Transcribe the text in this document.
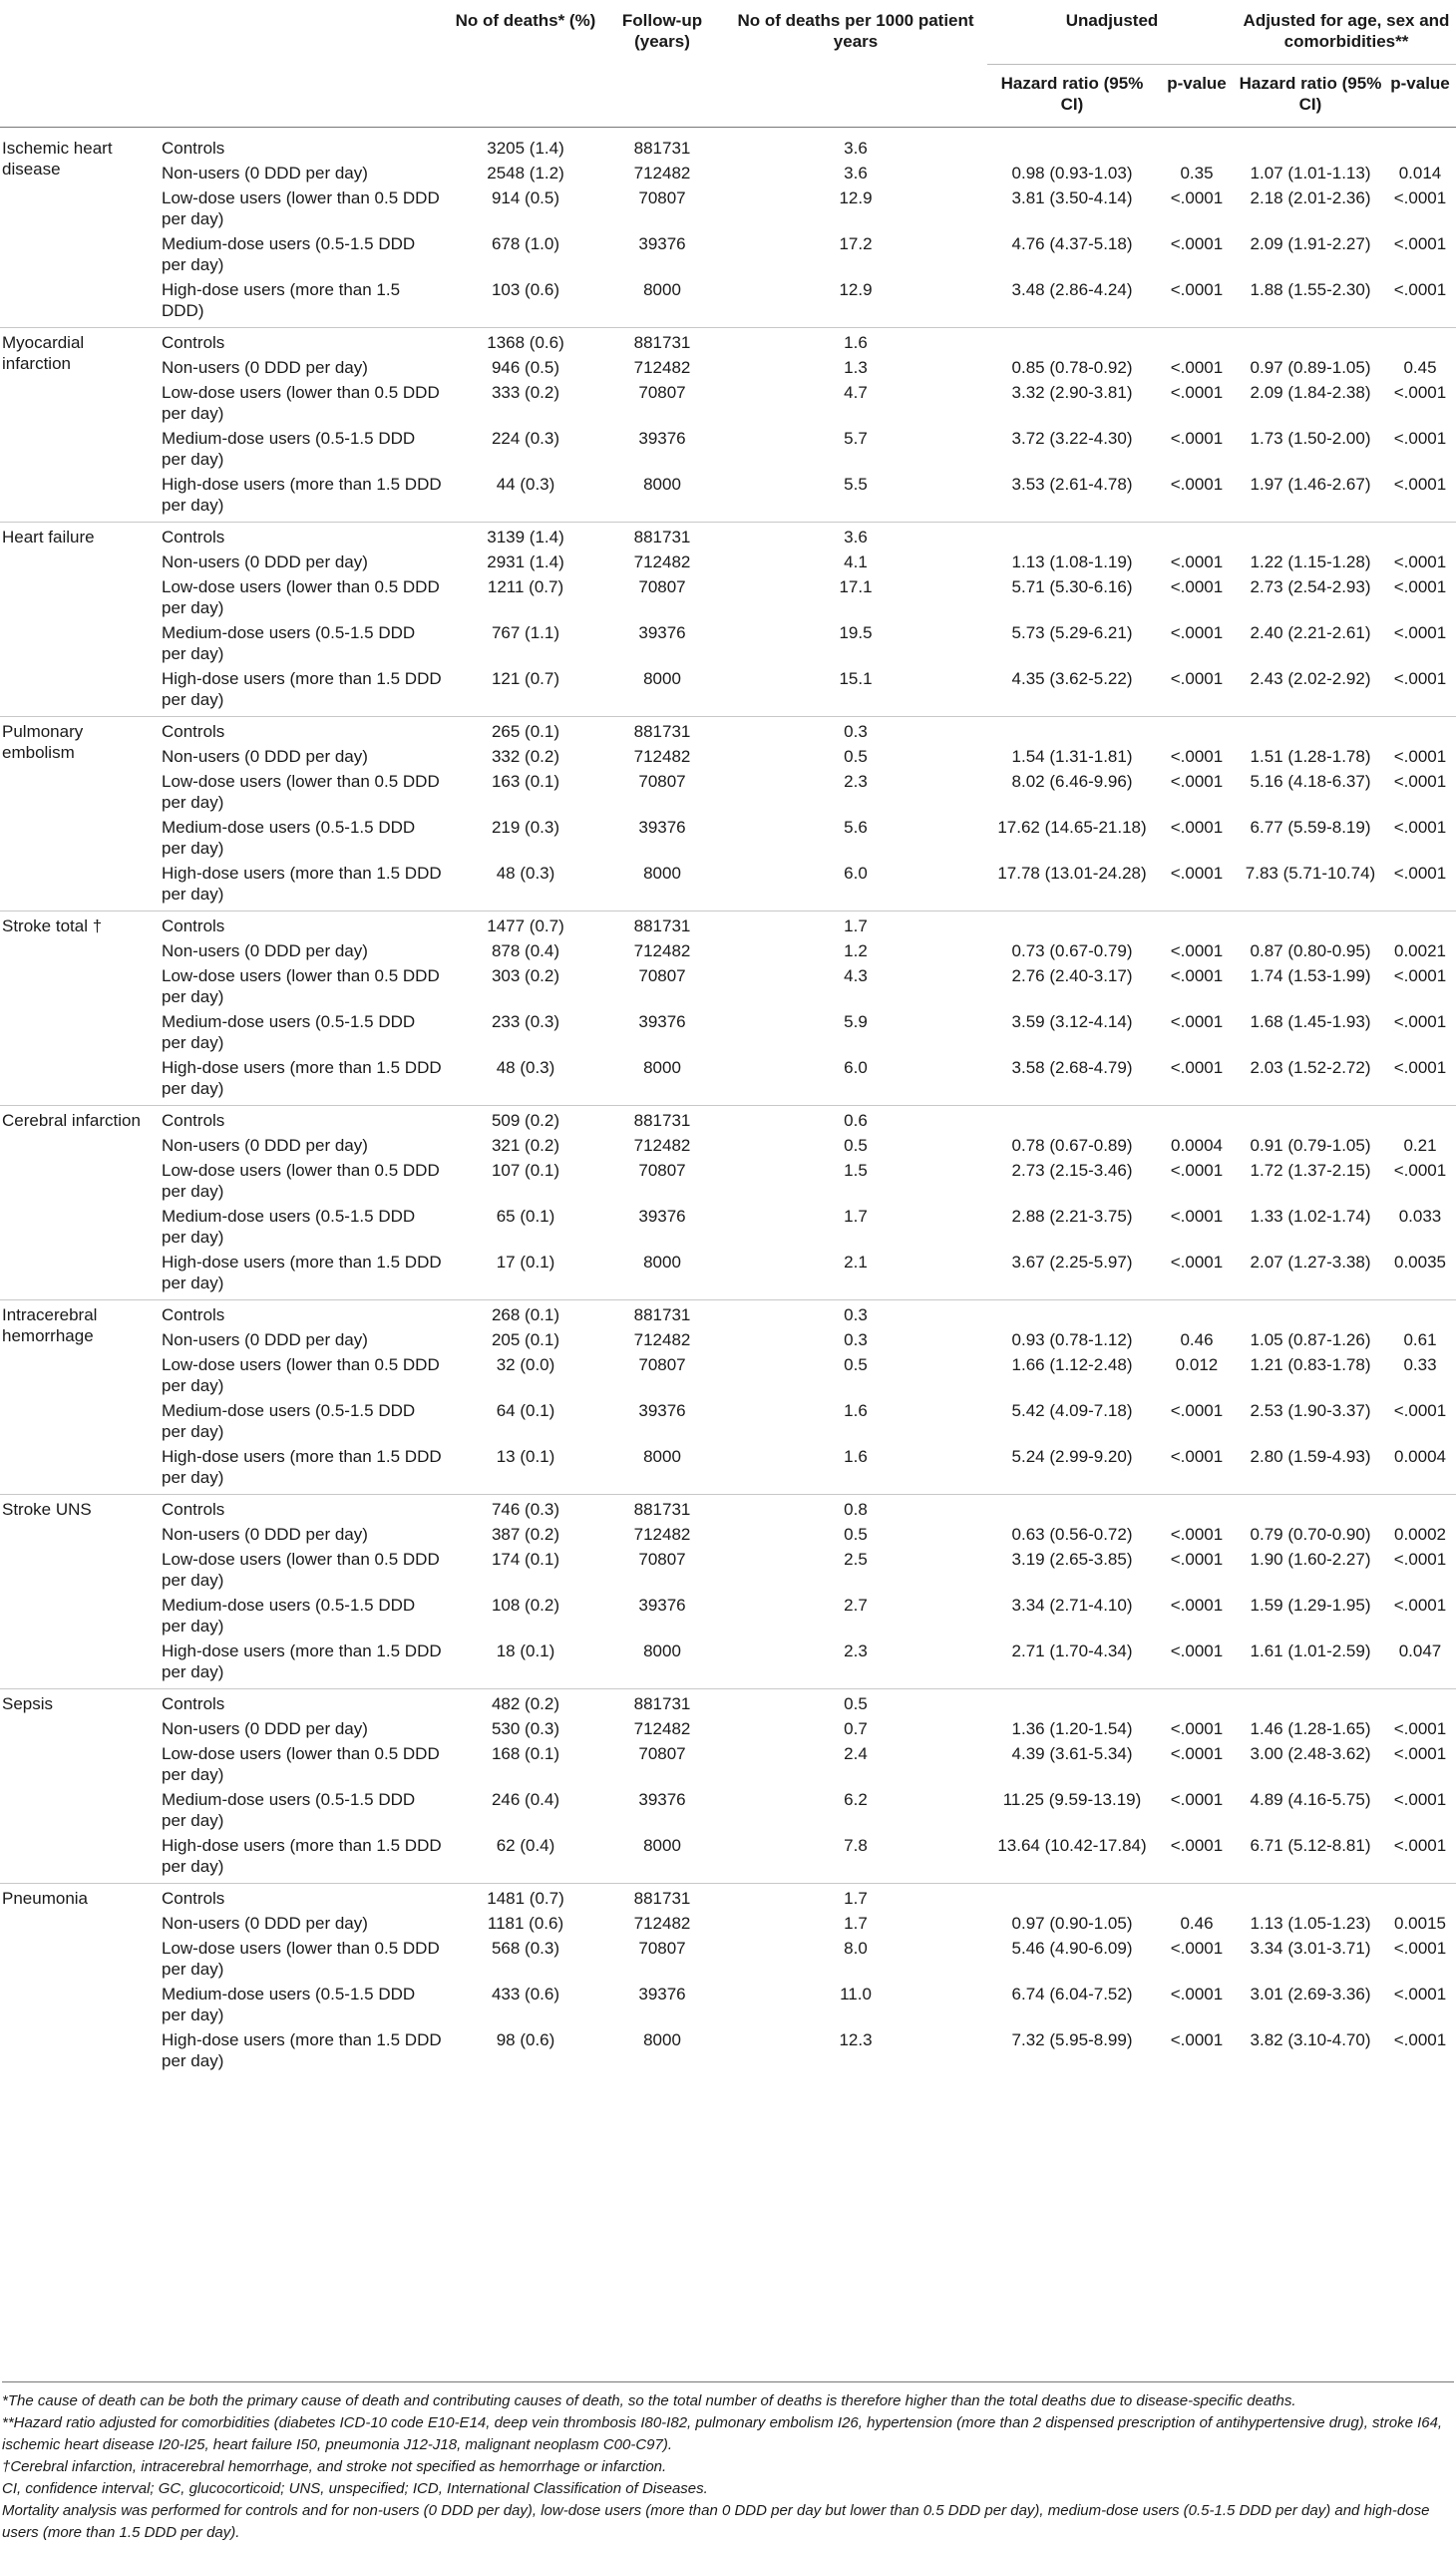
		No of deaths* (%)	Follow-up (years)	No of deaths per 1000 patient years	Unadjusted		Adjusted for age, sex and comorbidities**	
					Hazard ratio (95% CI)	p-value	Hazard ratio (95% CI)	p-value
Ischemic heart disease	Controls	3205 (1.4)	881731	3.6				
	Non-users (0 DDD per day)	2548 (1.2)	712482	3.6	0.98 (0.93-1.03)	0.35	1.07 (1.01-1.13)	0.014
	Low-dose users (lower than 0.5 DDD per day)	914 (0.5)	70807	12.9	3.81 (3.50-4.14)	<.0001	2.18 (2.01-2.36)	<.0001
	Medium-dose users (0.5-1.5 DDD per day)	678 (1.0)	39376	17.2	4.76 (4.37-5.18)	<.0001	2.09 (1.91-2.27)	<.0001
	High-dose users (more than 1.5 DDD)	103 (0.6)	8000	12.9	3.48 (2.86-4.24)	<.0001	1.88 (1.55-2.30)	<.0001
Myocardial infarction	Controls	1368 (0.6)	881731	1.6				
	Non-users (0 DDD per day)	946 (0.5)	712482	1.3	0.85 (0.78-0.92)	<.0001	0.97 (0.89-1.05)	0.45
	Low-dose users (lower than 0.5 DDD per day)	333 (0.2)	70807	4.7	3.32 (2.90-3.81)	<.0001	2.09 (1.84-2.38)	<.0001
	Medium-dose users (0.5-1.5 DDD per day)	224 (0.3)	39376	5.7	3.72 (3.22-4.30)	<.0001	1.73 (1.50-2.00)	<.0001
	High-dose users (more than 1.5 DDD per day)	44 (0.3)	8000	5.5	3.53 (2.61-4.78)	<.0001	1.97 (1.46-2.67)	<.0001
Heart failure	Controls	3139 (1.4)	881731	3.6				
	Non-users (0 DDD per day)	2931 (1.4)	712482	4.1	1.13 (1.08-1.19)	<.0001	1.22 (1.15-1.28)	<.0001
	Low-dose users (lower than 0.5 DDD per day)	1211 (0.7)	70807	17.1	5.71 (5.30-6.16)	<.0001	2.73 (2.54-2.93)	<.0001
	Medium-dose users (0.5-1.5 DDD per day)	767 (1.1)	39376	19.5	5.73 (5.29-6.21)	<.0001	2.40 (2.21-2.61)	<.0001
	High-dose users (more than 1.5 DDD per day)	121 (0.7)	8000	15.1	4.35 (3.62-5.22)	<.0001	2.43 (2.02-2.92)	<.0001
Pulmonary embolism	Controls	265 (0.1)	881731	0.3				
	Non-users (0 DDD per day)	332 (0.2)	712482	0.5	1.54 (1.31-1.81)	<.0001	1.51 (1.28-1.78)	<.0001
	Low-dose users (lower than 0.5 DDD per day)	163 (0.1)	70807	2.3	8.02 (6.46-9.96)	<.0001	5.16 (4.18-6.37)	<.0001
	Medium-dose users (0.5-1.5 DDD per day)	219 (0.3)	39376	5.6	17.62 (14.65-21.18)	<.0001	6.77 (5.59-8.19)	<.0001
	High-dose users (more than 1.5 DDD per day)	48 (0.3)	8000	6.0	17.78 (13.01-24.28)	<.0001	7.83 (5.71-10.74)	<.0001
Stroke total †	Controls	1477 (0.7)	881731	1.7				
	Non-users (0 DDD per day)	878 (0.4)	712482	1.2	0.73 (0.67-0.79)	<.0001	0.87 (0.80-0.95)	0.0021
	Low-dose users (lower than 0.5 DDD per day)	303 (0.2)	70807	4.3	2.76 (2.40-3.17)	<.0001	1.74 (1.53-1.99)	<.0001
	Medium-dose users (0.5-1.5 DDD per day)	233 (0.3)	39376	5.9	3.59 (3.12-4.14)	<.0001	1.68 (1.45-1.93)	<.0001
	High-dose users (more than 1.5 DDD per day)	48 (0.3)	8000	6.0	3.58 (2.68-4.79)	<.0001	2.03 (1.52-2.72)	<.0001
Cerebral infarction	Controls	509 (0.2)	881731	0.6				
	Non-users (0 DDD per day)	321 (0.2)	712482	0.5	0.78 (0.67-0.89)	0.0004	0.91 (0.79-1.05)	0.21
	Low-dose users (lower than 0.5 DDD per day)	107 (0.1)	70807	1.5	2.73 (2.15-3.46)	<.0001	1.72 (1.37-2.15)	<.0001
	Medium-dose users (0.5-1.5 DDD per day)	65 (0.1)	39376	1.7	2.88 (2.21-3.75)	<.0001	1.33 (1.02-1.74)	0.033
	High-dose users (more than 1.5 DDD per day)	17 (0.1)	8000	2.1	3.67 (2.25-5.97)	<.0001	2.07 (1.27-3.38)	0.0035
Intracerebral hemorrhage	Controls	268 (0.1)	881731	0.3				
	Non-users (0 DDD per day)	205 (0.1)	712482	0.3	0.93 (0.78-1.12)	0.46	1.05 (0.87-1.26)	0.61
	Low-dose users (lower than 0.5 DDD per day)	32 (0.0)	70807	0.5	1.66 (1.12-2.48)	0.012	1.21 (0.83-1.78)	0.33
	Medium-dose users (0.5-1.5 DDD per day)	64 (0.1)	39376	1.6	5.42 (4.09-7.18)	<.0001	2.53 (1.90-3.37)	<.0001
	High-dose users (more than 1.5 DDD per day)	13 (0.1)	8000	1.6	5.24 (2.99-9.20)	<.0001	2.80 (1.59-4.93)	0.0004
Stroke UNS	Controls	746 (0.3)	881731	0.8				
	Non-users (0 DDD per day)	387 (0.2)	712482	0.5	0.63 (0.56-0.72)	<.0001	0.79 (0.70-0.90)	0.0002
	Low-dose users (lower than 0.5 DDD per day)	174 (0.1)	70807	2.5	3.19 (2.65-3.85)	<.0001	1.90 (1.60-2.27)	<.0001
	Medium-dose users (0.5-1.5 DDD per day)	108 (0.2)	39376	2.7	3.34 (2.71-4.10)	<.0001	1.59 (1.29-1.95)	<.0001
	High-dose users (more than 1.5 DDD per day)	18 (0.1)	8000	2.3	2.71 (1.70-4.34)	<.0001	1.61 (1.01-2.59)	0.047
Sepsis	Controls	482 (0.2)	881731	0.5				
	Non-users (0 DDD per day)	530 (0.3)	712482	0.7	1.36 (1.20-1.54)	<.0001	1.46 (1.28-1.65)	<.0001
	Low-dose users (lower than 0.5 DDD per day)	168 (0.1)	70807	2.4	4.39 (3.61-5.34)	<.0001	3.00 (2.48-3.62)	<.0001
	Medium-dose users (0.5-1.5 DDD per day)	246 (0.4)	39376	6.2	11.25 (9.59-13.19)	<.0001	4.89 (4.16-5.75)	<.0001
	High-dose users (more than 1.5 DDD per day)	62 (0.4)	8000	7.8	13.64 (10.42-17.84)	<.0001	6.71 (5.12-8.81)	<.0001
Pneumonia	Controls	1481 (0.7)	881731	1.7				
	Non-users (0 DDD per day)	1181 (0.6)	712482	1.7	0.97 (0.90-1.05)	0.46	1.13 (1.05-1.23)	0.0015
	Low-dose users (lower than 0.5 DDD per day)	568 (0.3)	70807	8.0	5.46 (4.90-6.09)	<.0001	3.34 (3.01-3.71)	<.0001
	Medium-dose users (0.5-1.5 DDD per day)	433 (0.6)	39376	11.0	6.74 (6.04-7.52)	<.0001	3.01 (2.69-3.36)	<.0001
	High-dose users (more than 1.5 DDD per day)	98 (0.6)	8000	12.3	7.32 (5.95-8.99)	<.0001	3.82 (3.10-4.70)	<.0001

*The cause of death can be both the primary cause of death and contributing causes of death, so the total number of deaths is therefore higher than the total deaths due to disease-specific deaths.

**Hazard ratio adjusted for comorbidities (diabetes ICD-10 code E10-E14, deep vein thrombosis I80-I82, pulmonary embolism I26, hypertension (more than 2 dispensed prescription of antihypertensive drug), stroke I64, ischemic heart disease I20-I25, heart failure I50, pneumonia J12-J18, malignant neoplasm C00-C97).

†Cerebral infarction, intracerebral hemorrhage, and stroke not specified as hemorrhage or infarction.

CI, confidence interval; GC, glucocorticoid; UNS, unspecified; ICD, International Classification of Diseases.

Mortality analysis was performed for controls and for non-users (0 DDD per day), low-dose users (more than 0 DDD per day but lower than 0.5 DDD per day), medium-dose users (0.5-1.5 DDD per day) and high-dose users (more than 1.5 DDD per day).
